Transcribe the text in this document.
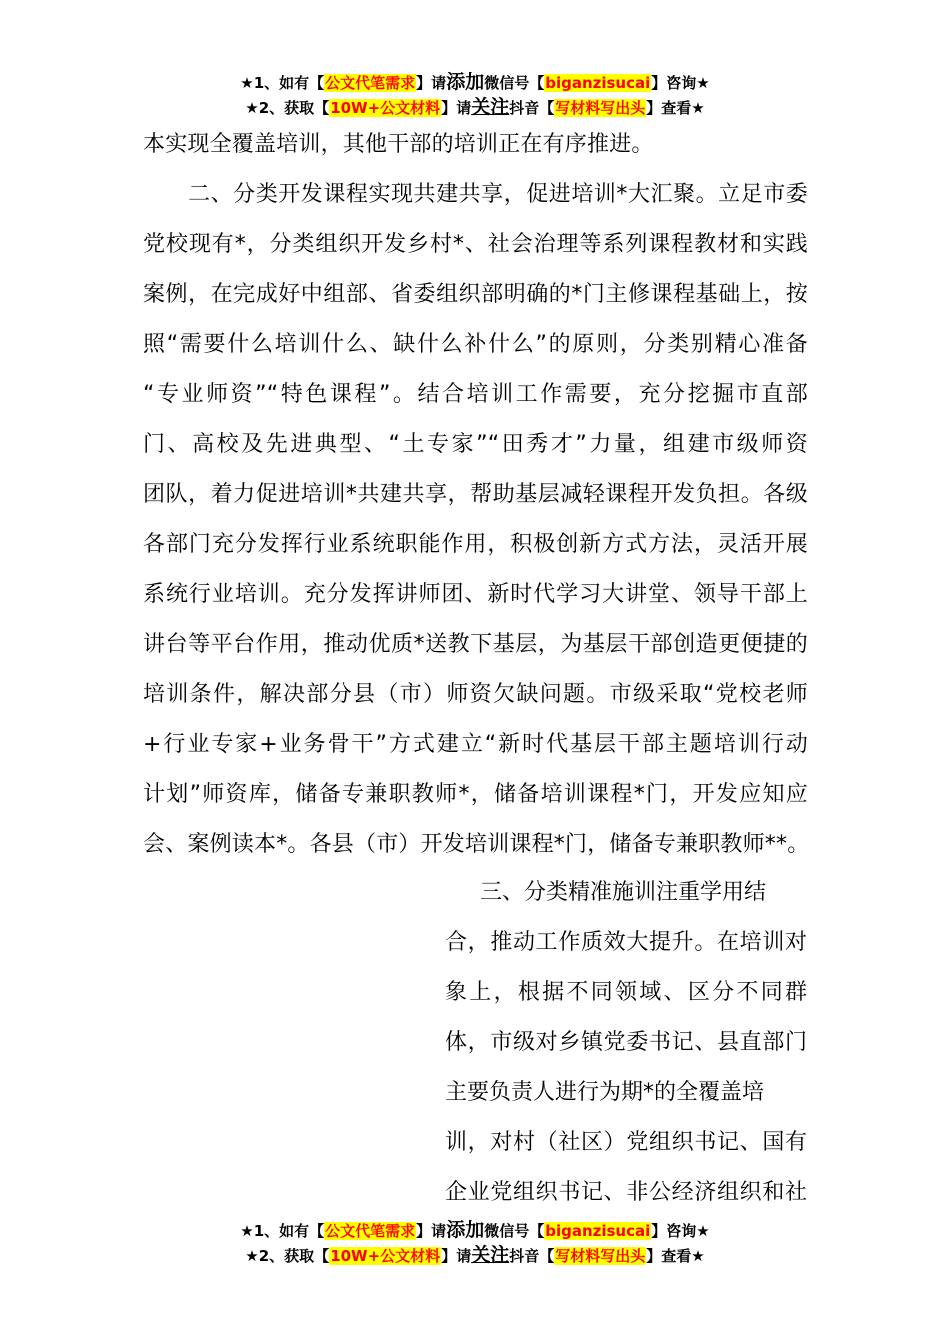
★1、如有【公文代笔需求】请添加微信号【biganzisucai】咨询★
★2、获取【10W+公文材料】请关注抖音【写材料写出头】查看★
本实现全覆盖培训，其他干部的培训正在有序推进。
　　二、分类开发课程实现共建共享，促进培训*大汇聚。立足市委
党校现有*，分类组织开发乡村*、社会治理等系列课程教材和实践
案例，在完成好中组部、省委组织部明确的*门主修课程基础上，按
照“需要什么培训什么、缺什么补什么”的原则，分类别精心准备
“专业师资”“特色课程”。结合培训工作需要，充分挖掘市直部
门、高校及先进典型、“土专家”“田秀才”力量，组建市级师资
团队，着力促进培训*共建共享，帮助基层减轻课程开发负担。各级
各部门充分发挥行业系统职能作用，积极创新方式方法，灵活开展
系统行业培训。充分发挥讲师团、新时代学习大讲堂、领导干部上
讲台等平台作用，推动优质*送教下基层，为基层干部创造更便捷的
培训条件，解决部分县（市）师资欠缺问题。市级采取“党校老师
+行业专家+业务骨干”方式建立“新时代基层干部主题培训行动
计划”师资库，储备专兼职教师*，储备培训课程*门，开发应知应
会、案例读本*。各县（市）开发培训课程*门，储备专兼职教师**。
三、分类精准施训注重学用结
合，推动工作质效大提升。在培训对
象上，根据不同领域、区分不同群
体，市级对乡镇党委书记、县直部门
主要负责人进行为期*的全覆盖培
训，对村（社区）党组织书记、国有
企业党组织书记、非公经济组织和社
★1、如有【公文代笔需求】请添加微信号【biganzisucai】咨询★
★2、获取【10W+公文材料】请关注抖音【写材料写出头】查看★
